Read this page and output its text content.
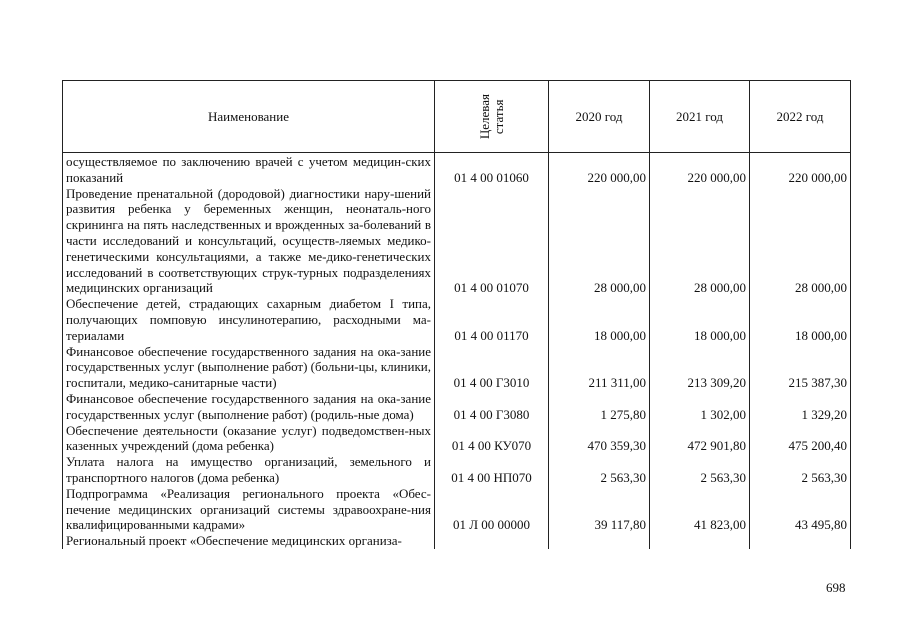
Наименование	Целевая статья	2020 год	2021 год	2022 год
осуществляемое по заключению врачей с учетом медицин-ских показаний	01 4 00 01060	220 000,00	220 000,00	220 000,00
Проведение пренатальной (дородовой) диагностики нару-шений развития ребенка у беременных женщин, неонаталь-ного скрининга на пять наследственных и врожденных за-болеваний в части исследований и консультаций, осуществ-ляемых медико-генетическими консультациями, а также ме-дико-генетических исследований в соответствующих струк-турных подразделениях медицинских организаций	01 4 00 01070	28 000,00	28 000,00	28 000,00
Обеспечение детей, страдающих сахарным диабетом I типа, получающих помповую инсулинотерапию, расходными ма-териалами	01 4 00 01170	18 000,00	18 000,00	18 000,00
Финансовое обеспечение государственного задания на ока-зание государственных услуг (выполнение работ) (больни-цы, клиники, госпитали, медико-санитарные части)	01 4 00 Г3010	211 311,00	213 309,20	215 387,30
Финансовое обеспечение государственного задания на ока-зание государственных услуг (выполнение работ) (родиль-ные дома)	01 4 00 Г3080	1 275,80	1 302,00	1 329,20
Обеспечение деятельности (оказание услуг) подведомствен-ных казенных учреждений (дома ребенка)	01 4 00 КУ070	470 359,30	472 901,80	475 200,40
Уплата налога на имущество организаций, земельного и транспортного налогов (дома ребенка)	01 4 00 НП070	2 563,30	2 563,30	2 563,30
Подпрограмма «Реализация регионального проекта «Обес-печение медицинских организаций системы здравоохране-ния квалифицированными кадрами»	01 Л 00 00000	39 117,80	41 823,00	43 495,80
Региональный проект «Обеспечение медицинских организа-				
698
